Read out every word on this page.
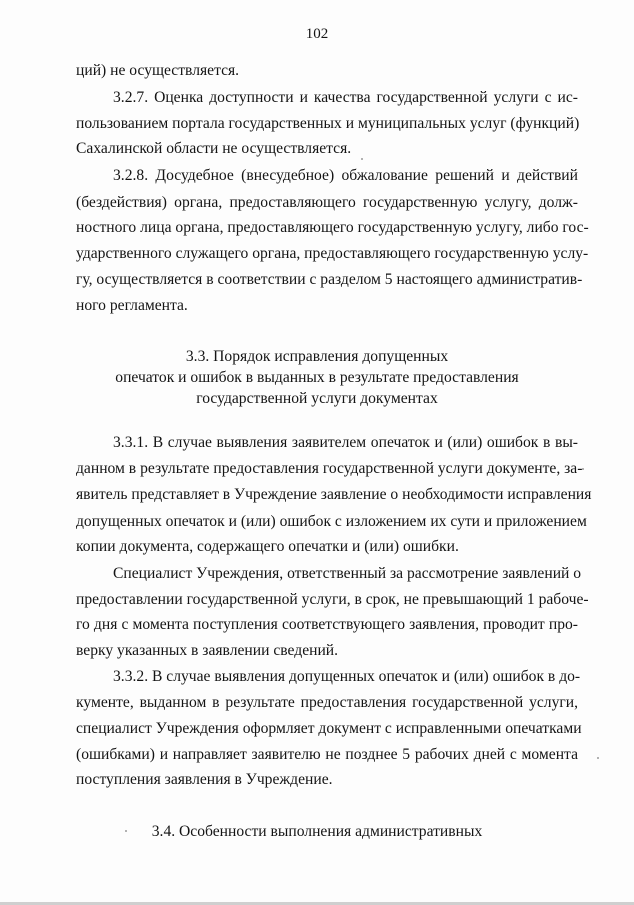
102
ций) не осуществляется.
3.2.7. Оценка доступности и качества государственной услуги с ис-
пользованием портала государственных и муниципальных услуг (функций)
Сахалинской области не осуществляется.
3.2.8. Досудебное (внесудебное) обжалование решений и действий
(бездействия) органа, предоставляющего государственную услугу, долж-
ностного лица органа, предоставляющего государственную услугу, либо гос-
ударственного служащего органа, предоставляющего государственную услу-
гу, осуществляется в соответствии с разделом 5 настоящего административ-
ного регламента.
3.3. Порядок исправления допущенных
опечаток и ошибок в выданных в результате предоставления
государственной услуги документах
3.3.1. В случае выявления заявителем опечаток и (или) ошибок в вы-
данном в результате предоставления государственной услуги документе, за-
явитель представляет в Учреждение заявление о необходимости исправления
допущенных опечаток и (или) ошибок с изложением их сути и приложением
копии документа, содержащего опечатки и (или) ошибки.
Специалист Учреждения, ответственный за рассмотрение заявлений о
предоставлении государственной услуги, в срок, не превышающий 1 рабоче-
го дня с момента поступления соответствующего заявления, проводит про-
верку указанных в заявлении сведений.
3.3.2. В случае выявления допущенных опечаток и (или) ошибок в до-
кументе, выданном в результате предоставления государственной услуги,
специалист Учреждения оформляет документ с исправленными опечатками
(ошибками) и направляет заявителю не позднее 5 рабочих дней с момента
поступления заявления в Учреждение.
3.4. Особенности выполнения административных
